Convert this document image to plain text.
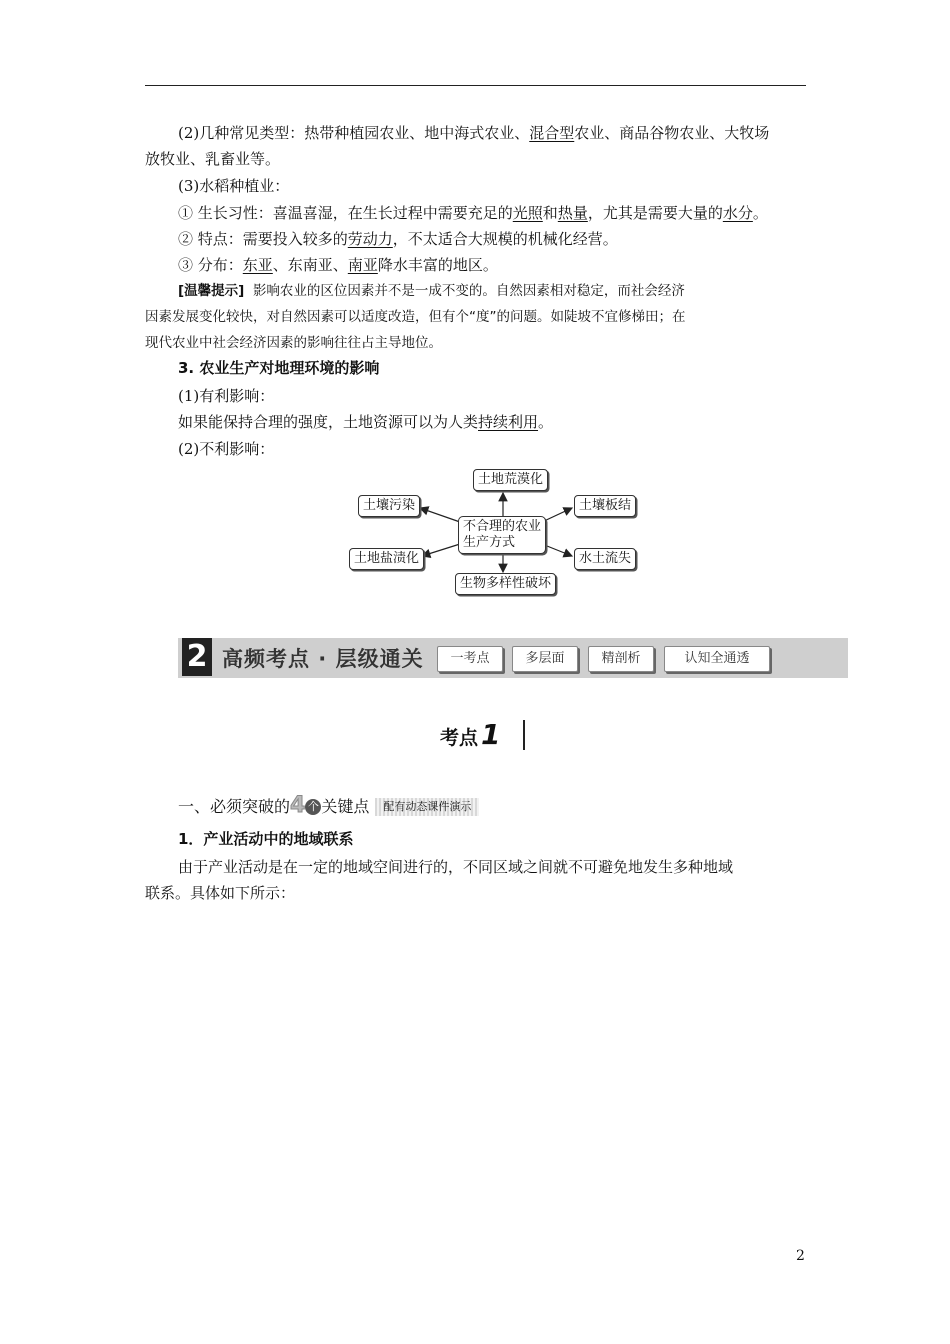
(2)几种常见类型：热带种植园农业、地中海式农业、混合型农业、商品谷物农业、大牧场
放牧业、乳畜业等。
(3)水稻种植业：
① 生长习性：喜温喜湿，在生长过程中需要充足的光照和热量，尤其是需要大量的水分。
② 特点：需要投入较多的劳动力，不太适合大规模的机械化经营。
③ 分布：东亚、东南亚、南亚降水丰富的地区。
[温馨提示] 影响农业的区位因素并不是一成不变的。自然因素相对稳定，而社会经济
因素发展变化较快，对自然因素可以适度改造，但有个“度”的问题。如陡坡不宜修梯田；在
现代农业中社会经济因素的影响往往占主导地位。
3. 农业生产对地理环境的影响
(1)有利影响：
如果能保持合理的强度，土地资源可以为人类持续利用。
(2)不利影响：
土地荒漠化
土壤污染
土地盐渍化
土壤板结
水土流失
生物多样性破坏
不合理的农业
生产方式
2 高频考点 · 层级通关	一考点	多层面	精剖析	认知全通透
考点 1
一、必须突破的4 个 关键点 配有动态课件演示
1．产业活动中的地域联系
由于产业活动是在一定的地域空间进行的，不同区域之间就不可避免地发生多种地域
联系。具体如下所示：
2
